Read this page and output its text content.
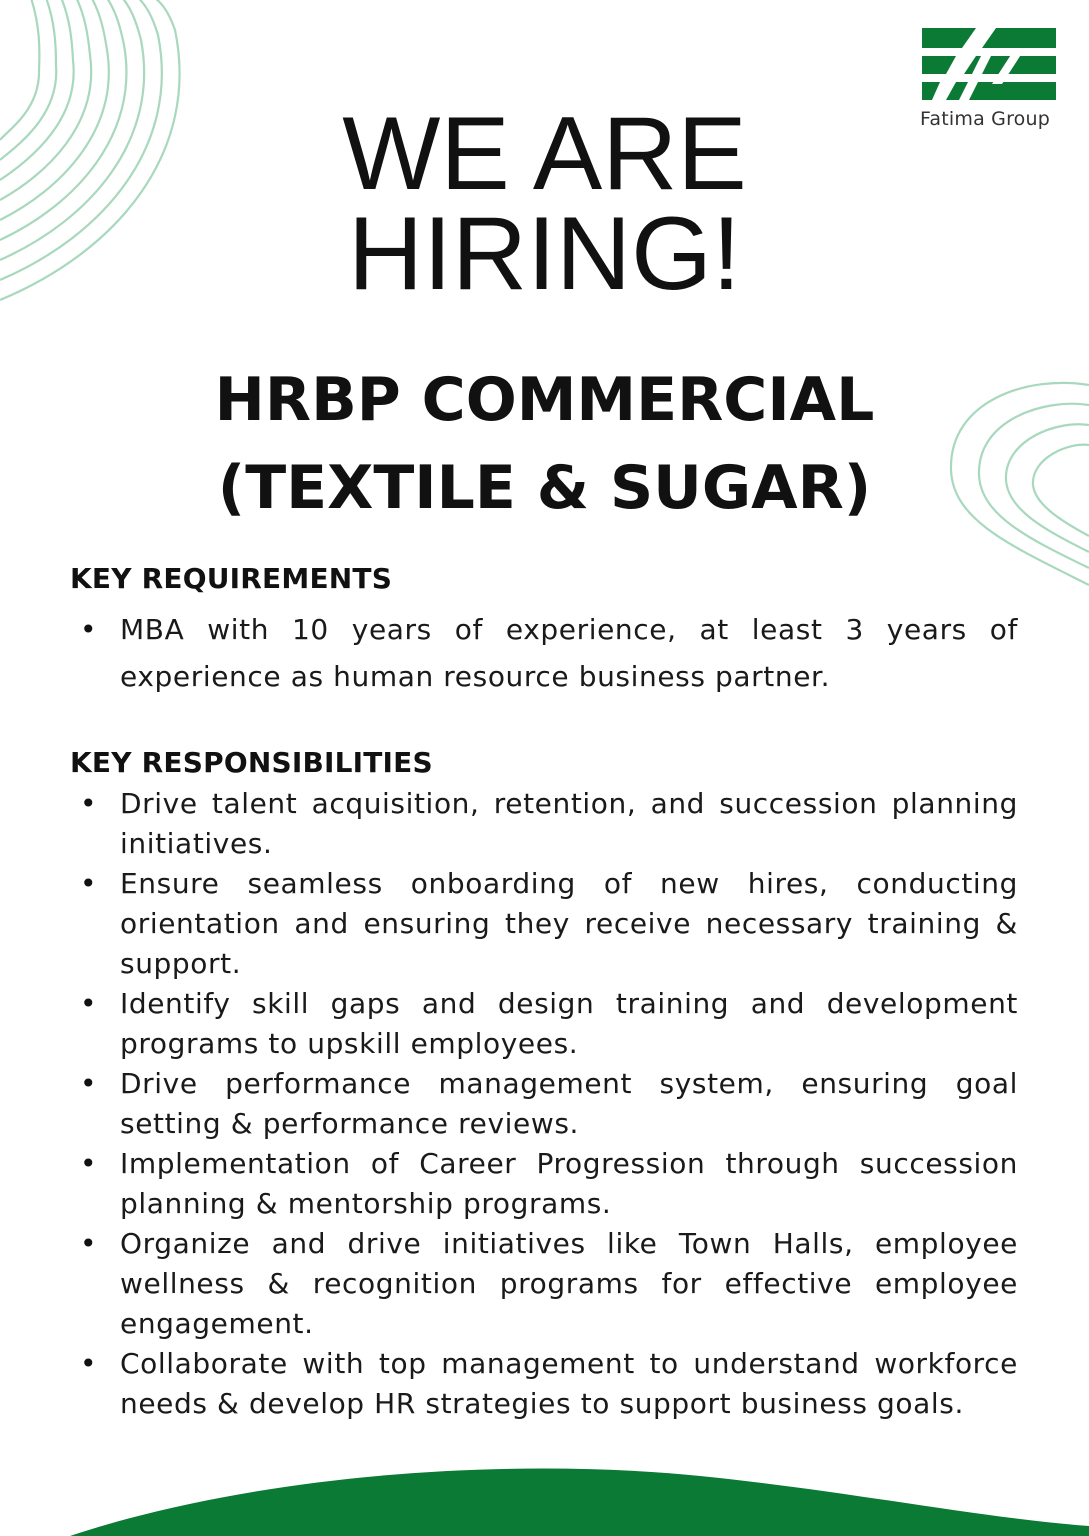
Fatima Group
WE ARE
HIRING!
HRBP COMMERCIAL
(TEXTILE & SUGAR)
KEY REQUIREMENTS
• MBA with 10 years of experience, at least 3 years of experience as human resource business partner.
KEY RESPONSIBILITIES
• Drive talent acquisition, retention, and succession planning initiatives.
• Ensure seamless onboarding of new hires, conducting orientation and ensuring they receive necessary training & support.
• Identify skill gaps and design training and development programs to upskill employees.
• Drive performance management system, ensuring goal setting & performance reviews.
• Implementation of Career Progression through succession planning & mentorship programs.
• Organize and drive initiatives like Town Halls, employee wellness & recognition programs for effective employee engagement.
• Collaborate with top management to understand workforce needs & develop HR strategies to support business goals.
